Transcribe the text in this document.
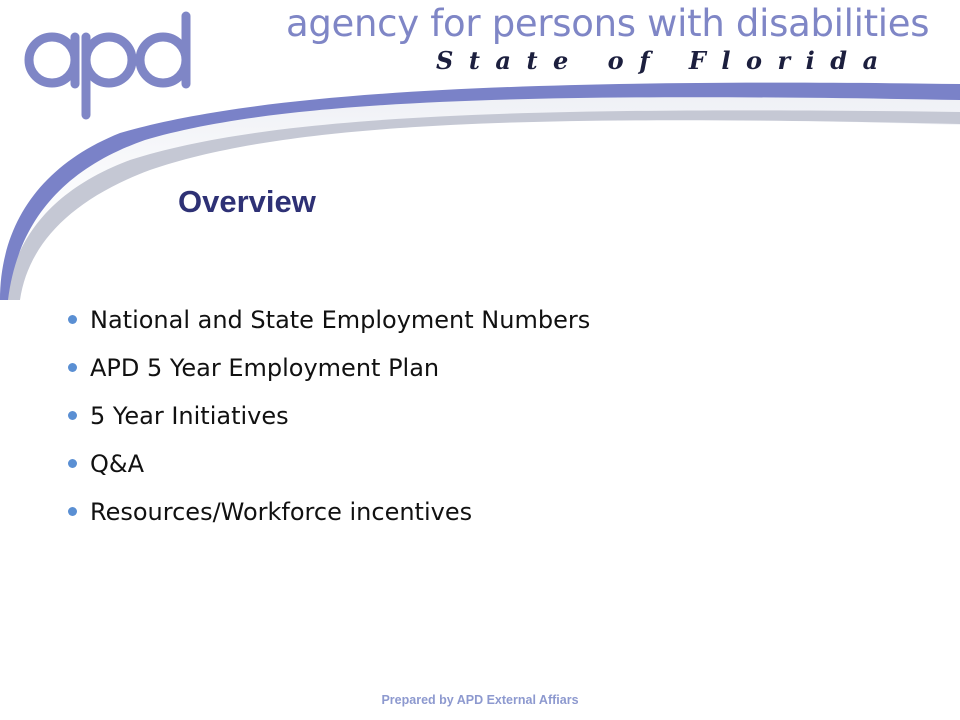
agency for persons with disabilities
State of Florida
Overview
National and State Employment Numbers
APD 5 Year Employment Plan
5 Year Initiatives
Q&A
Resources/Workforce incentives
Prepared by APD External Affiars
